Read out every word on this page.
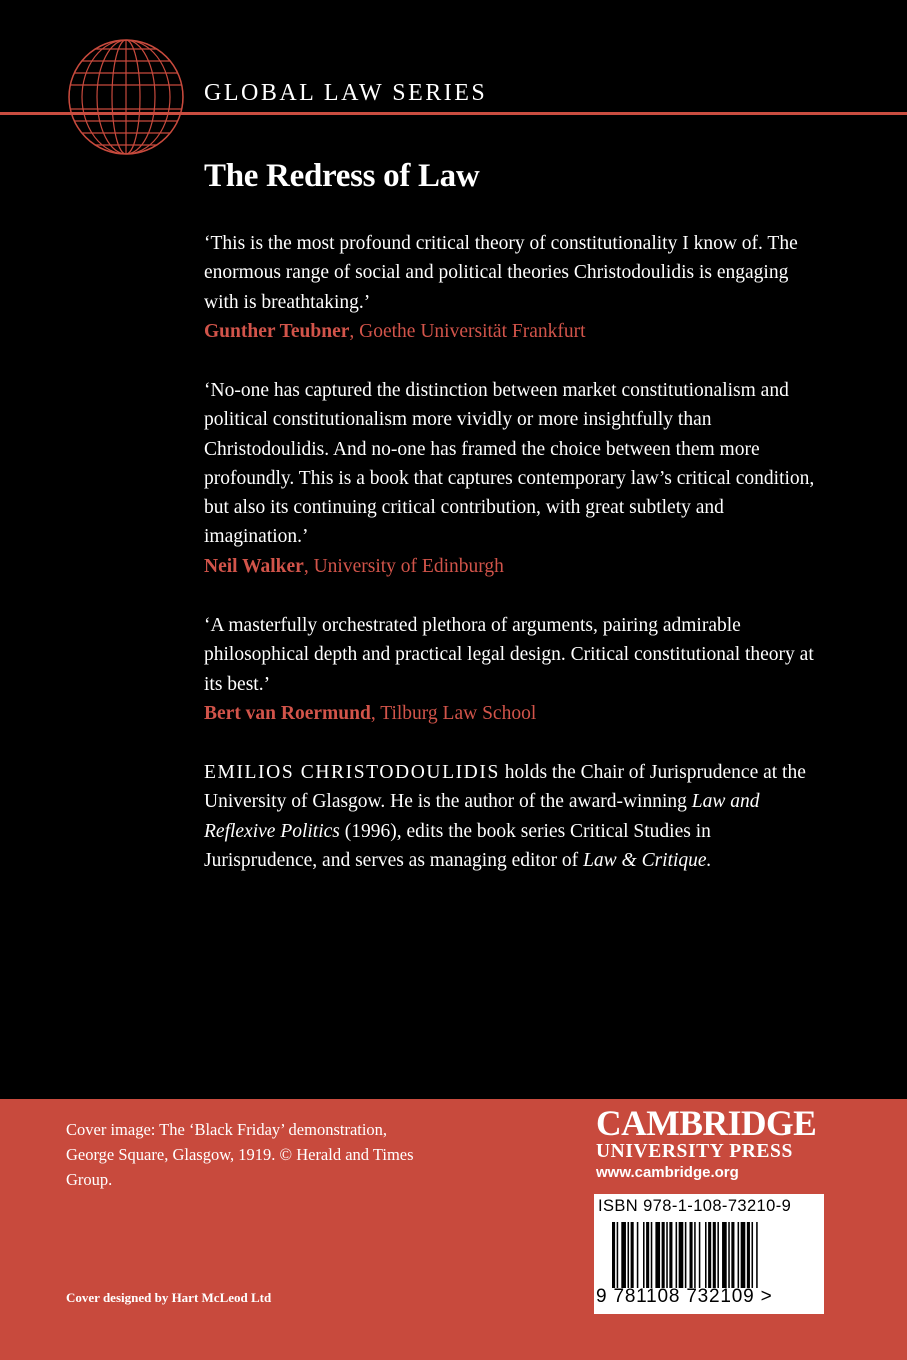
GLOBAL LAW SERIES
The Redress of Law

‘This is the most profound critical theory of constitutionality I know of. The enormous range of social and political theories Christodoulidis is engaging with is breathtaking.’
Gunther Teubner, Goethe Universität Frankfurt

‘No-one has captured the distinction between market constitutionalism and political constitutionalism more vividly or more insightfully than Christodoulidis. And no-one has framed the choice between them more profoundly. This is a book that captures contemporary law’s critical condition, but also its continuing critical contribution, with great subtlety and imagination.’
Neil Walker, University of Edinburgh

‘A masterfully orchestrated plethora of arguments, pairing admirable philosophical depth and practical legal design. Critical constitutional theory at its best.’
Bert van Roermund, Tilburg Law School

EMILIOS CHRISTODOULIDIS holds the Chair of Jurisprudence at the University of Glasgow. He is the author of the award-winning Law and Reflexive Politics (1996), edits the book series Critical Studies in Jurisprudence, and serves as managing editor of Law & Critique.

Cover image: The ‘Black Friday’ demonstration, George Square, Glasgow, 1919. © Herald and Times Group.

Cover designed by Hart McLeod Ltd
CAMBRIDGE
UNIVERSITY PRESS
www.cambridge.org
ISBN 978-1-108-73210-9
9 781108 732109 >
